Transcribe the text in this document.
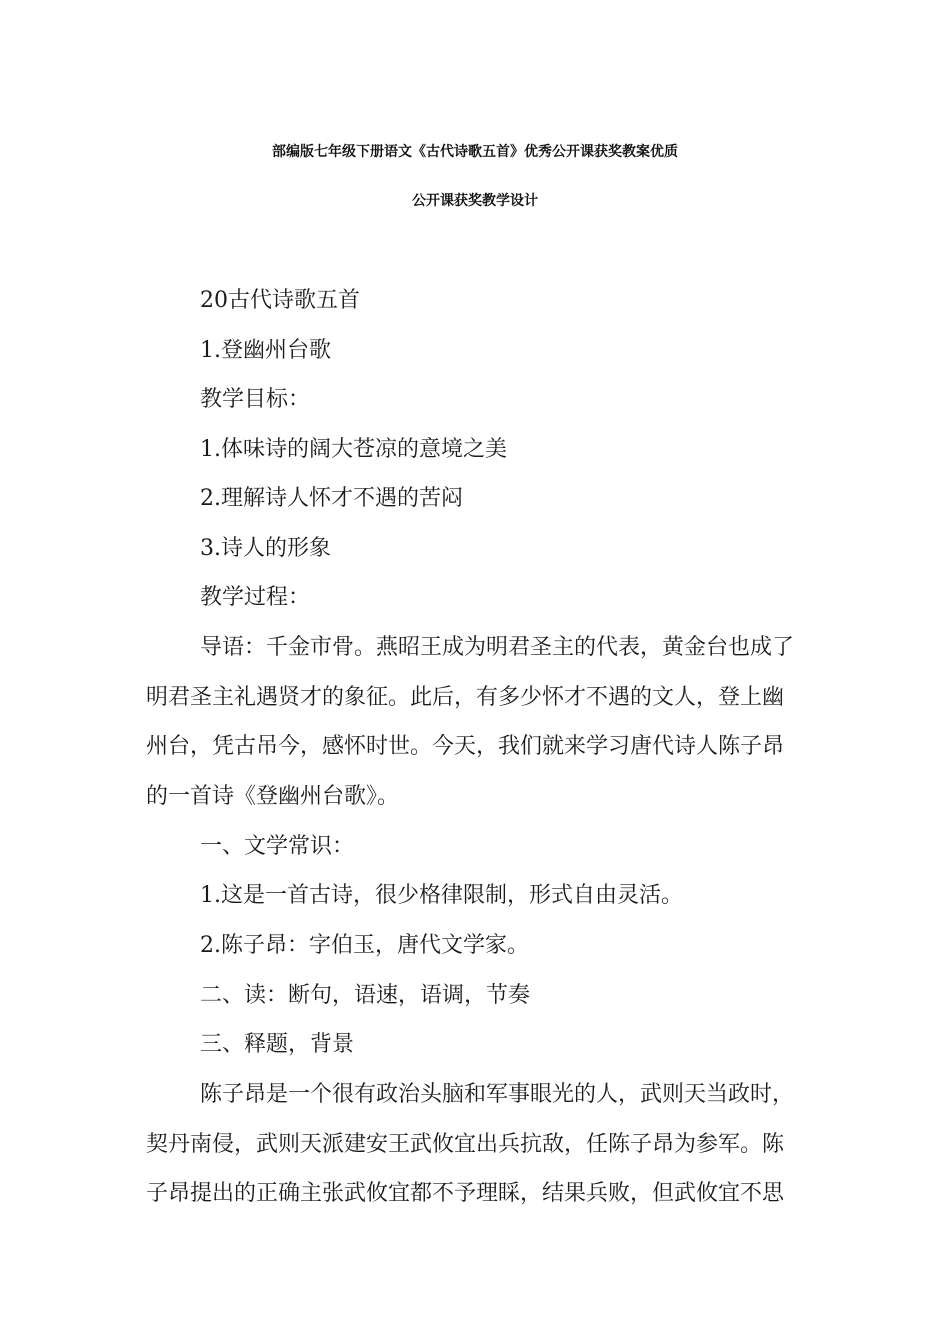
部编版七年级下册语文《古代诗歌五首》优秀公开课获奖教案优质
公开课获奖教学设计
20古代诗歌五首
1.登幽州台歌
教学目标：
1.体味诗的阔大苍凉的意境之美
2.理解诗人怀才不遇的苦闷
3.诗人的形象
教学过程：
导语：千金市骨。燕昭王成为明君圣主的代表，黄金台也成了
明君圣主礼遇贤才的象征。此后，有多少怀才不遇的文人，登上幽
州台，凭古吊今，感怀时世。今天，我们就来学习唐代诗人陈子昂
的一首诗《登幽州台歌》。
一、文学常识：
1.这是一首古诗，很少格律限制，形式自由灵活。
2.陈子昂：字伯玉，唐代文学家。
二、读：断句，语速，语调，节奏
三、释题，背景
陈子昂是一个很有政治头脑和军事眼光的人，武则天当政时，
契丹南侵，武则天派建安王武攸宜出兵抗敌，任陈子昂为参军。陈
子昂提出的正确主张武攸宜都不予理睬，结果兵败，但武攸宜不思
